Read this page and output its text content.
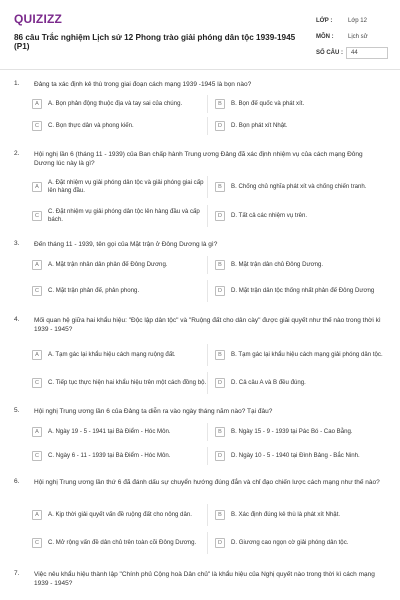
QUIZIZZ
86 câu Trắc nghiệm Lịch sử 12 Phong trào giải phóng dân tộc 1939-1945 (P1)
LỚP :	Lớp 12
MÔN :	Lịch sử
SỐ CÂU :	44
1. Đảng ta xác định kẻ thù trong giai đoạn cách mạng 1939 -1945 là bọn nào?
A	A. Bọn phản động thuộc địa và tay sai của chúng.	B	B. Bọn đế quốc và phát xít.
C	C. Bọn thực dân và phong kiến.	D	D. Bọn phát xít Nhật.
2. Hội nghị lần 6 (tháng 11 - 1939) của Ban chấp hành Trung ương Đảng đã xác định nhiệm vụ của cách mạng Đông Dương lúc này là gì?
A
A. Đặt nhiệm vụ giải phóng dân tộc và giải phóng giai cấp lên hàng đầu.	B	B. Chống chủ nghĩa phát xít và chống chiến tranh.
C
C. Đặt nhiệm vụ giải phóng dân tộc lên hàng đầu và cấp bách.	D	D. Tất cả các nhiệm vụ trên.
3. Đến tháng 11 - 1939, tên gọi của Mặt trận ở Đông Dương là gì?
A	A. Mặt trận nhân dân phản đế Đông Dương.	B	B. Mặt trận dân chủ Đông Dương.
C	C. Mặt trận phản đế, phản phong.	D	D. Mặt trận dân tộc thống nhất phản đế Đông Dương
4. Mối quan hệ giữa hai khẩu hiệu: "Độc lập dân tộc" và "Ruộng đất cho dân cày" được giải quyết như thế nào trong thời kì 1939 - 1945?
A	A. Tạm gác lại khẩu hiệu cách mạng ruộng đất.	B	B. Tạm gác lại khẩu hiệu cách mạng giải phóng dân tộc.
C	C. Tiếp tục thực hiện hai khẩu hiệu trên một cách đồng bộ.	D	D. Cả câu A và B đều đúng.
5. Hội nghị Trung ương lần 6 của Đảng ta diễn ra vào ngày tháng năm nào? Tại đâu?
A	A. Ngày 19 - 5 - 1941 tại Bà Điểm - Hóc Môn.	B	B. Ngày 15 - 9 - 1939 tại Pác Bó - Cao Bằng.
C	C. Ngày 6 - 11 - 1939 tại Bà Điểm - Hóc Môn.	D	D. Ngày 10 - 5 - 1940 tại Đình Bảng - Bắc Ninh.
6. Hội nghị Trung ương lần thứ 6 đã đánh dấu sự chuyển hướng đúng đắn và chỉ đạo chiến lược cách mạng như thế nào?
A	A. Kịp thời giải quyết vấn đề ruộng đất cho nông dân.	B	B. Xác định đúng kẻ thù là phát xít Nhật.
C	C. Mở rộng vấn đề dân chủ trên toàn cõi Đông Dương.	D	D. Giương cao ngọn cờ giải phóng dân tộc.
7. Việc nêu khẩu hiệu thành lập "Chính phủ Cộng hoà Dân chủ" là khẩu hiệu của Nghị quyết nào trong thời kì cách mạng 1939 - 1945?
